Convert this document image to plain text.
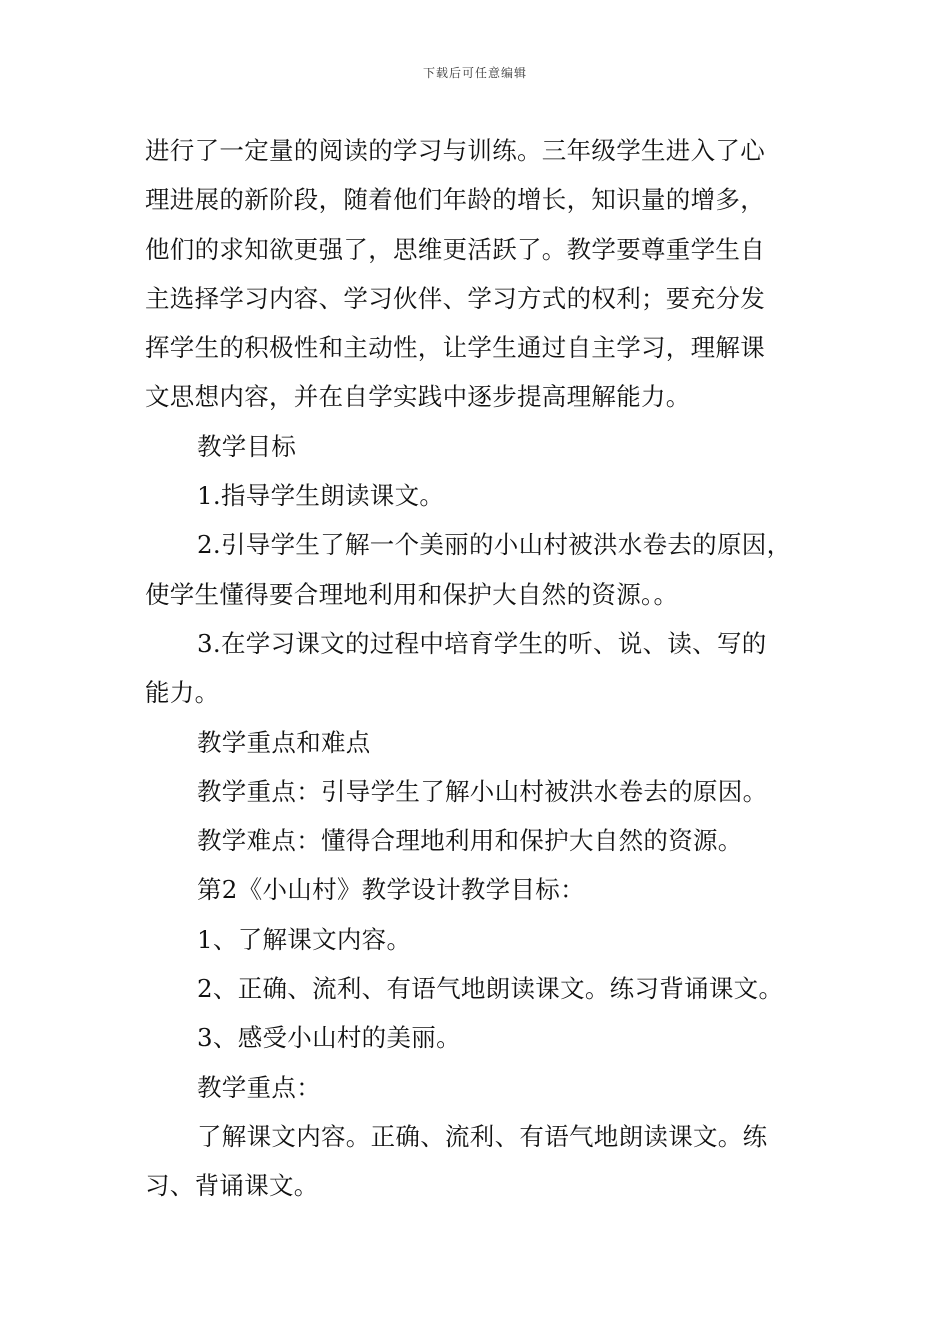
下载后可任意编辑
进行了一定量的阅读的学习与训练。三年级学生进入了心
理进展的新阶段，随着他们年龄的增长，知识量的增多，
他们的求知欲更强了，思维更活跃了。教学要尊重学生自
主选择学习内容、学习伙伴、学习方式的权利；要充分发
挥学生的积极性和主动性，让学生通过自主学习，理解课
文思想内容，并在自学实践中逐步提高理解能力。
教学目标
1.指导学生朗读课文。
2.引导学生了解一个美丽的小山村被洪水卷去的原因，
使学生懂得要合理地利用和保护大自然的资源。。
3.在学习课文的过程中培育学生的听、说、读、写的
能力。
教学重点和难点
教学重点：引导学生了解小山村被洪水卷去的原因。
教学难点：懂得合理地利用和保护大自然的资源。
第2《小山村》教学设计教学目标：
1、了解课文内容。
2、正确、流利、有语气地朗读课文。练习背诵课文。
3、感受小山村的美丽。
教学重点：
了解课文内容。正确、流利、有语气地朗读课文。练
习、背诵课文。
